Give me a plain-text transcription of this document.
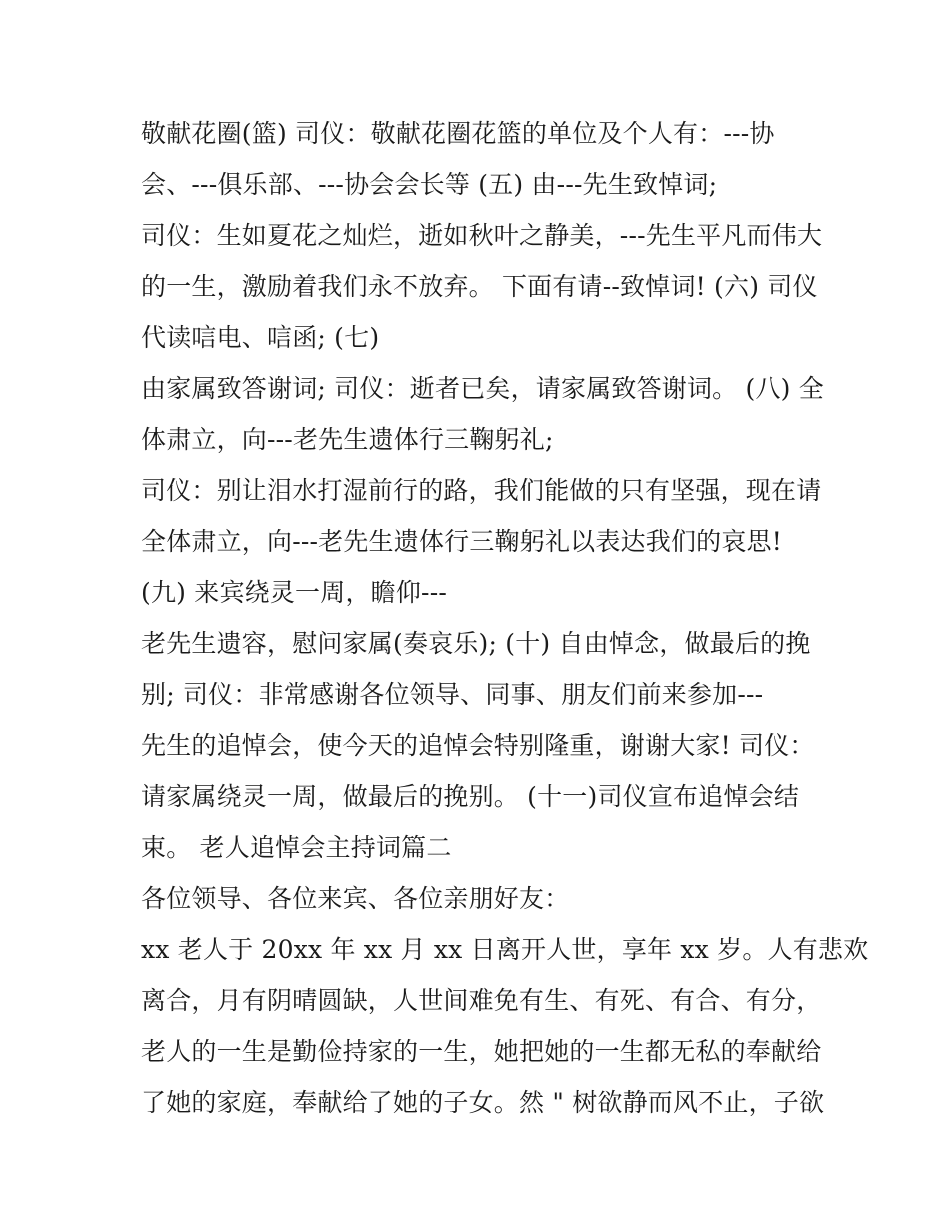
敬献花圈(篮) 司仪：敬献花圈花篮的单位及个人有：---协
会、---俱乐部、---协会会长等 (五) 由---先生致悼词;
司仪：生如夏花之灿烂，逝如秋叶之静美，---先生平凡而伟大
的一生，激励着我们永不放弃。 下面有请--致悼词! (六) 司仪
代读唁电、唁函; (七)
由家属致答谢词; 司仪：逝者已矣，请家属致答谢词。 (八) 全
体肃立，向---老先生遗体行三鞠躬礼;
司仪：别让泪水打湿前行的路，我们能做的只有坚强，现在请
全体肃立，向---老先生遗体行三鞠躬礼以表达我们的哀思!
(九) 来宾绕灵一周，瞻仰---
老先生遗容，慰问家属(奏哀乐); (十) 自由悼念，做最后的挽
别; 司仪：非常感谢各位领导、同事、朋友们前来参加---
先生的追悼会，使今天的追悼会特别隆重，谢谢大家! 司仪：
请家属绕灵一周，做最后的挽别。 (十一)司仪宣布追悼会结
束。 老人追悼会主持词篇二
各位领导、各位来宾、各位亲朋好友：
xx 老人于 20xx 年 xx 月 xx 日离开人世，享年 xx 岁。人有悲欢
离合，月有阴晴圆缺，人世间难免有生、有死、有合、有分，
老人的一生是勤俭持家的一生，她把她的一生都无私的奉献给
了她的家庭，奉献给了她的子女。然 " 树欲静而风不止，子欲
